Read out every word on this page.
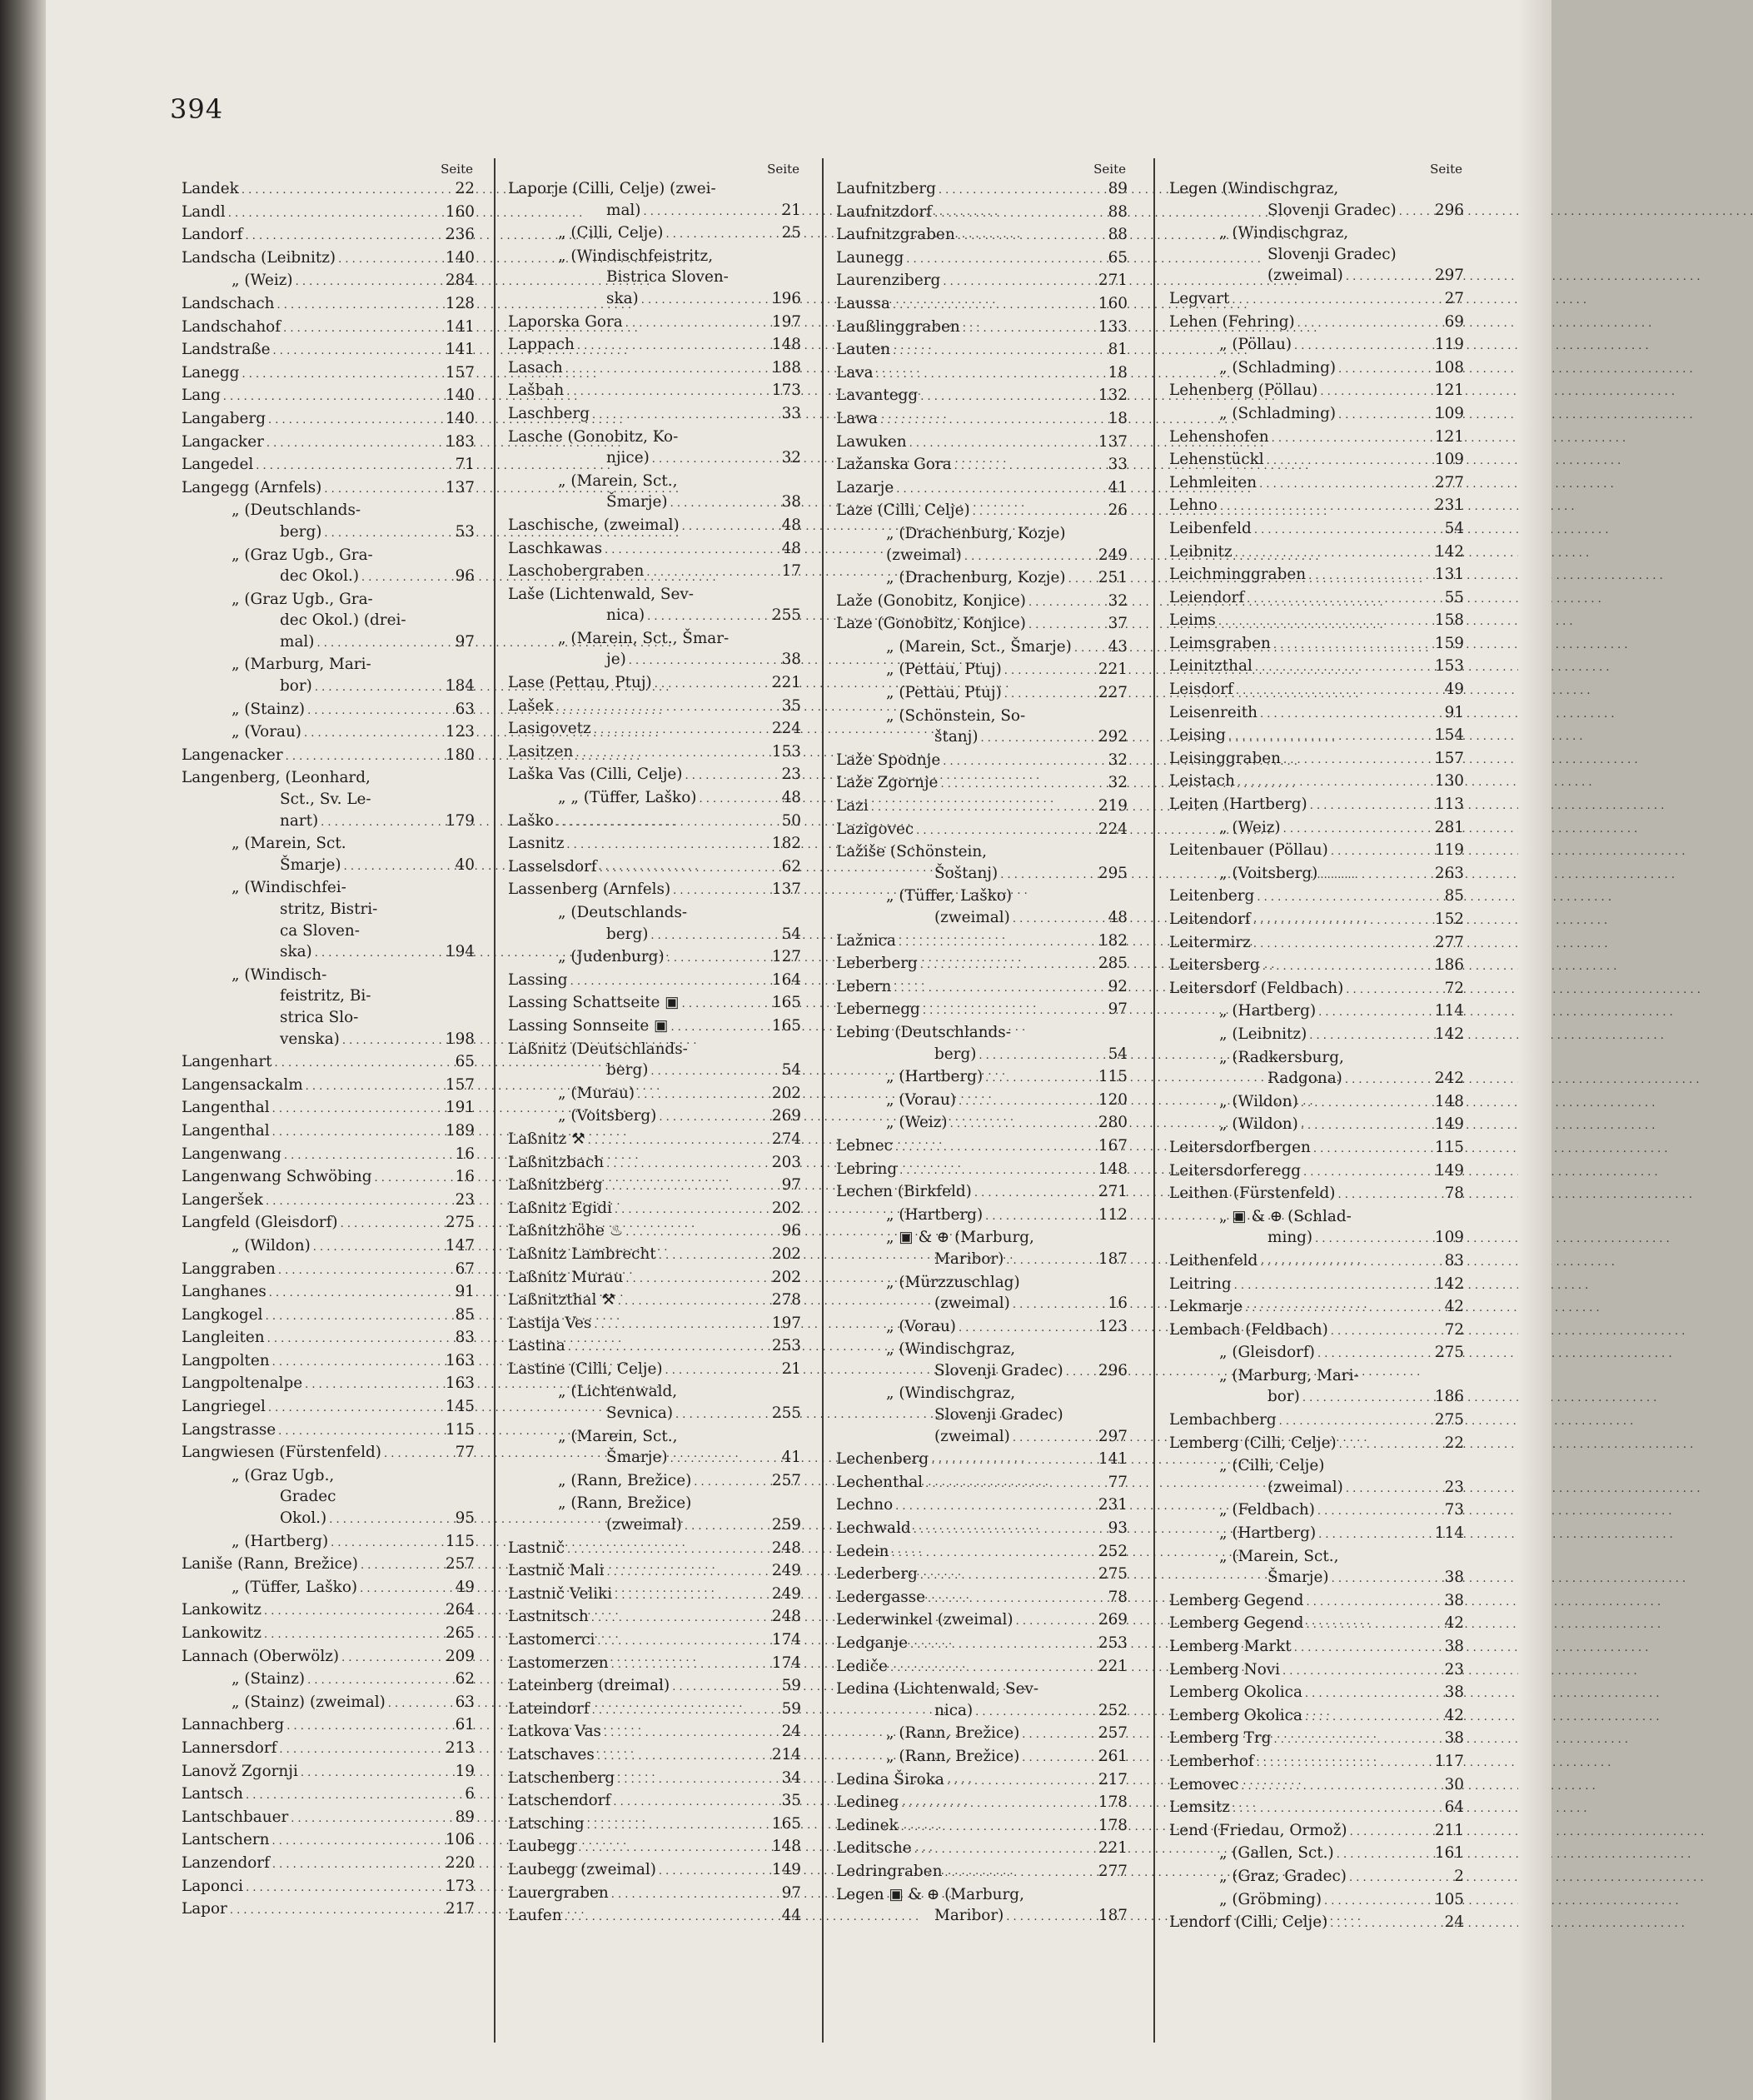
394
Seite
Landek . . .	22
Landl . . .	160
Landorf . . .	236
Landscha (Leibnitz) . . .	140
„ (Weiz) . . .	284
Landschach . . .	128
Landschahof . . .	141
Landstraße . . .	141
Lanegg . . .	157
Lang . . .	140
Langaberg . . .	140
Langacker . . .	183
Langedel . . .	71
Langegg (Arnfels) . . .	137
„ (Deutschlands-
berg) . . .	53
„ (Graz Ugb., Gra-
dec Okol.) . . .	96
„ (Graz Ugb., Gra-
dec Okol.) (drei-
mal) . . .	97
„ (Marburg, Mari-
bor) . . .	184
„ (Stainz) . . .	63
„ (Vorau) . . .	123
Langenacker . . .	180
Langenberg, (Leonhard,
Sct., Sv. Le-
nart) . . .	179
„ (Marein, Sct.
Šmarje) . . .	40
„ (Windischfei-
stritz, Bistri-
ca Sloven-
ska) . . .	194
„ (Windisch-
feistritz, Bi-
strica Slo-
venska) . . .	198
Langenhart . . .	65
Langensackalm . . .	157
Langenthal . . .	191
Langenthal . . .	189
Langenwang . . .	16
Langenwang Schwöbing . . .	16
Langeršek . . .	23
Langfeld (Gleisdorf) . . .	275
„ (Wildon) . . .	147
Langgraben . . .	67
Langhanes . . .	91
Langkogel . . .	85
Langleiten . . .	83
Langpolten . . .	163
Langpoltenalpe . . .	163
Langriegel . . .	145
Langstrasse . . .	115
Langwiesen (Fürstenfeld) . . .	77
„ (Graz Ugb.,
Gradec
Okol.) . . .	95
„ (Hartberg) . . .	115
Laniše (Rann, Brežice) . . .	257
„ (Tüffer, Laško) . . .	49
Lankowitz . . .	264
Lankowitz . . .	265
Lannach (Oberwölz) . . .	209
„ (Stainz) . . .	62
„ (Stainz) (zweimal) . . .	63
Lannachberg . . .	61
Lannersdorf . . .	213
Lanovž Zgornji . . .	19
Lantsch . . .	6
Lantschbauer . . .	89
Lantschern . . .	106
Lanzendorf . . .	220
Laponci . . .	173
Lapor . . .	217
Seite
Laporje (Cilli, Celje) (zwei-
mal) . . .	21
„ (Cilli, Celje) . . .	25
„ (Windischfeistritz,
Bistrica Sloven-
ska) . . .	196
Laporska Gora . . .	197
Lappach . . .	148
Lasach . . .	188
Lašbah . . .	173
Laschberg . . .	33
Lasche (Gonobitz, Ko-
njice) . . .	32
„ (Marein, Sct.,
Šmarje) . . .	38
Laschische, (zweimal) . . .	48
Laschkawas . . .	48
Laschobergraben . . .	17
Laše (Lichtenwald, Sev-
nica) . . .	255
„ (Marein, Sct., Šmar-
je) . . .	38
Lase (Pettau, Ptuj) . . .	221
Lašek . . .	35
Lasigovetz . . .	224
Lasitzen . . .	153
Laška Vas (Cilli, Celje) . . .	23
„ „ (Tüffer, Laško) . . .	48
Laško . . .	50
Lasnitz . . .	182
Lasselsdorf . . .	62
Lassenberg (Arnfels) . . .	137
„ (Deutschlands-
berg) . . .	54
„ (Judenburg) . . .	127
Lassing . . .	164
Lassing Schattseite ▣ . . .	165
Lassing Sonnseite ▣ . . .	165
Laßnitz (Deutschlands-
berg) . . .	54
„ (Murau) . . .	202
„ (Voitsberg) . . .	269
Laßnitz ⚒ . . .	274
Laßnitzbach . . .	203
Laßnitzberg . . .	97
Laßnitz Egidi . . .	202
Laßnitzhöhe ♨ . . .	96
Laßnitz Lambrecht . . .	202
Laßnitz Murau . . .	202
Laßnitzthal ⚒ . . .	278
Lastija Ves . . .	197
Lastina . . .	253
Lastine (Cilli, Celje) . . .	21
„ (Lichtenwald,
Sevnica) . . .	255
„ (Marein, Sct.,
Šmarje) . . .	41
„ (Rann, Brežice) . . .	257
„ (Rann, Brežice)
(zweimal) . . .	259
Lastnič . . .	248
Lastnič Mali . . .	249
Lastnič Veliki . . .	249
Lastnitsch . . .	248
Lastomerci . . .	174
Lastomerzen . . .	174
Lateinberg (dreimal) . . .	59
Lateindorf . . .	59
Latkova Vas . . .	24
Latschaves . . .	214
Latschenberg . . .	34
Latschendorf . . .	35
Latsching . . .	165
Laubegg . . .	148
Laubegg (zweimal) . . .	149
Lauergraben . . .	97
Laufen . . .	44
Seite
Laufnitzberg . . .	89
Laufnitzdorf . . .	88
Laufnitzgraben . . .	88
Launegg . . .	65
Laurenziberg . . .	271
Laussa . . .	160
Laußlinggraben . . .	133
Lauten . . .	81
Lava . . .	18
Lavantegg . . .	132
Lawa . . .	18
Lawuken . . .	137
Lažanska Gora . . .	33
Lazarje . . .	41
Laze (Cilli, Celje) . . .	26
„ (Drachenburg, Kozje)
(zweimal) . . .	249
„ (Drachenburg, Kozje) . . . 251
Laže (Gonobitz, Konjice) . . .	32
Laze (Gonobitz, Konjice) . . .	37
„ (Marein, Sct., Šmarje) . . . 43
„ (Pettau, Ptuj) . . .	221
„ (Pettau, Ptuj) . . .	227
„ (Schönstein, So-
štanj) . . .	292
Laže Spodnje . . .	32
Laže Zgornje . . .	32
Lazi . . .	219
Lazigovec . . .	224
Lažiše (Schönstein,
Šoštanj) . . .	295
„ (Tüffer, Laško)
(zweimal) . . .	48
Lažnica . . .	182
Leberberg . . .	285
Lebern . . .	92
Lebernegg . . .	97
Lebing (Deutschlands-
berg) . . .	54
„ (Hartberg) . . .	115
„ (Vorau) . . .	120
„ (Weiz) . . .	280
Lebnec . . .	167
Lebring . . .	148
Lechen (Birkfeld) . . .	271
„ (Hartberg) . . .	112
„ ▣ & ⊕ (Marburg,
Maribor) . . .	187
„ (Mürzzuschlag)
(zweimal) . . .	16
„ (Vorau) . . .	123
„ (Windischgraz,
Slovenji Gradec) . . . 296
„ (Windischgraz,
Slovenji Gradec)
(zweimal) . . .	297
Lechenberg . . .	141
Lechenthal . . .	77
Lechno . . .	231
Lechwald . . .	93
Ledein . . .	252
Lederberg . . .	275
Ledergasse . . .	78
Lederwinkel (zweimal) . . .	269
Ledganje . . .	253
Lediče . . .	221
Ledina (Lichtenwald, Sev-
nica) . . .	252
„ (Rann, Brežice) . . .	257
„ (Rann, Brežice) . . .	261
Ledina Široka . . .	217
Ledineg . . .	178
Ledinek . . .	178
Leditsche . . .	221
Ledringraben . . .	277
Legen ▣ & ⊕ (Marburg,
Maribor) . . .	187
Seite
Legen (Windischgraz,
Slovenji Gradec) . . .	296
„ (Windischgraz,
Slovenji Gradec)
(zweimal) . . .	297
Legvart . . .	27
Lehen (Fehring) . . .	69
„ (Pöllau) . . .	119
„ (Schladming) . . .	108
Lehenberg (Pöllau) . . .	121
„ (Schladming) . . .	109
Lehenshofen . . .	121
Lehenstückl . . .	109
Lehmleiten . . .	277
Lehno . . .	231
Leibenfeld . . .	54
Leibnitz . . .	142
Leichminggraben . . .	131
Leiendorf . . .	55
Leims . . .	158
Leimsgraben . . .	159
Leinitzthal . . .	153
Leisdorf . . .	49
Leisenreith . . .	91
Leising . . .	154
Leisinggraben . . .	157
Leistach . . .	130
Leiten (Hartberg) . . .	113
„ (Weiz) . . .	281
Leitenbauer (Pöllau) . . .	119
„ (Voitsberg) . . .	263
Leitenberg . . .	85
Leitendorf . . .	152
Leitermirz . . .	277
Leitersberg . . .	186
Leitersdorf (Feldbach) . . .	72
„ (Hartberg) . . .	114
„ (Leibnitz) . . .	142
„ (Radkersburg,
Radgona) . . .	242
„ (Wildon) . . .	148
„ (Wildon) . . .	149
Leitersdorfbergen . . .	115
Leitersdorferegg . . .	149
Leithen (Fürstenfeld) . . .	78
„ ▣ & ⊕ (Schlad-
ming) . . .	109
Leithenfeld . . .	83
Leitring . . .	142
Lekmarje . . .	42
Lembach (Feldbach) . . .	72
„ (Gleisdorf) . . .	275
„ (Marburg, Mari-
bor) . . .	186
Lembachberg . . .	275
Lemberg (Cilli, Celje) . . .	22
„ (Cilli, Celje)
(zweimal) . . .	23
„ (Feldbach) . . .	73
„ (Hartberg) . . .	114
„ (Marein, Sct.,
Šmarje) . . .	38
Lemberg Gegend . . .	38
Lemberg Gegend . . .	42
Lemberg Markt . . .	38
Lemberg Novi . . .	23
Lemberg Okolica . . .	38
Lemberg Okolica . . .	42
Lemberg Trg . . .	38
Lemberhof . . .	117
Lemovec . . .	30
Lemsitz . . .	64
Lend (Friedau, Ormož) . . .	211
„ (Gallen, Sct.) . . .	161
„ (Graz, Gradec) . . .	2
„ (Gröbming) . . .	105
Lendorf (Cilli, Celje) . . .	24
